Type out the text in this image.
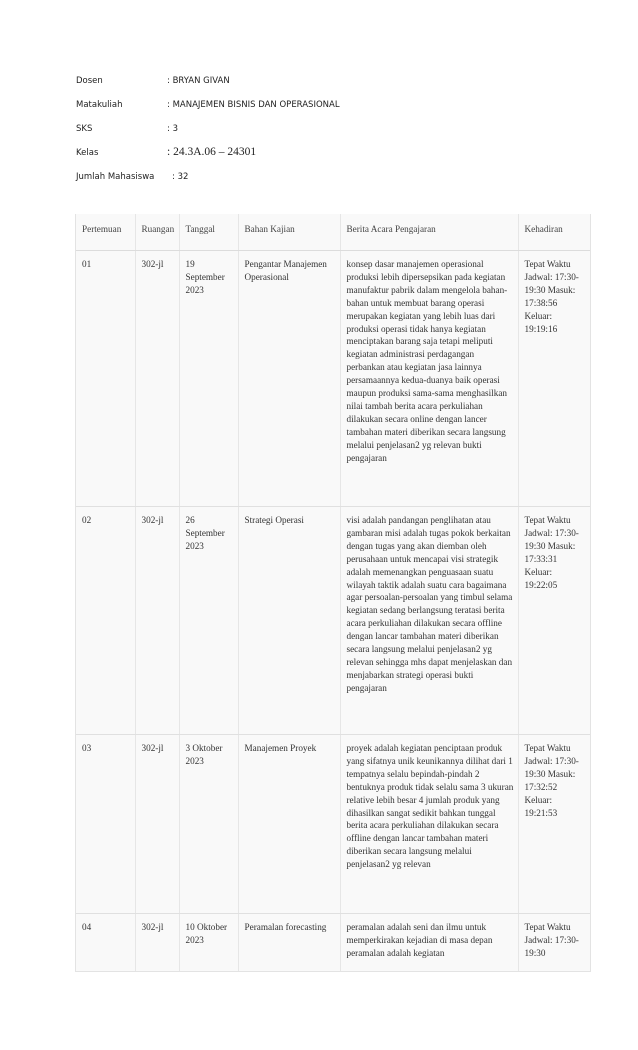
Dosen	: BRYAN GIVAN
Matakuliah	: MANAJEMEN BISNIS DAN OPERASIONAL
SKS	: 3
Kelas	: 24.3A.06 – 24301
Jumlah Mahasiswa : 32
Pertemuan	Ruangan	Tanggal	Bahan Kajian	Berita Acara Pengajaran	Kehadiran
01	302-jl	19 September 2023	Pengantar Manajemen Operasional	konsep dasar manajemen operasional produksi lebih dipersepsikan pada kegiatan manufaktur pabrik dalam mengelola bahan-bahan untuk membuat barang operasi merupakan kegiatan yang lebih luas dari produksi operasi tidak hanya kegiatan menciptakan barang saja tetapi meliputi kegiatan administrasi perdagangan perbankan atau kegiatan jasa lainnya persamaannya kedua-duanya baik operasi maupun produksi sama-sama menghasilkan nilai tambah berita acara perkuliahan dilakukan secara online dengan lancer tambahan materi diberikan secara langsung melalui penjelasan2 yg relevan bukti pengajaran	Tepat Waktu Jadwal: 17:30-19:30 Masuk: 17:38:56 Keluar: 19:19:16
02	302-jl	26 September 2023	Strategi Operasi	visi adalah pandangan penglihatan atau gambaran misi adalah tugas pokok berkaitan dengan tugas yang akan diemban oleh perusahaan untuk mencapai visi strategik adalah memenangkan penguasaan suatu wilayah taktik adalah suatu cara bagaimana agar persoalan-persoalan yang timbul selama kegiatan sedang berlangsung teratasi berita acara perkuliahan dilakukan secara offline dengan lancar tambahan materi diberikan secara langsung melalui penjelasan2 yg relevan sehingga mhs dapat menjelaskan dan menjabarkan strategi operasi bukti pengajaran	Tepat Waktu Jadwal: 17:30-19:30 Masuk: 17:33:31 Keluar: 19:22:05
03	302-jl	3 Oktober 2023	Manajemen Proyek	proyek adalah kegiatan penciptaan produk yang sifatnya unik keunikannya dilihat dari 1 tempatnya selalu bepindah-pindah 2 bentuknya produk tidak selalu sama 3 ukuran relative lebih besar 4 jumlah produk yang dihasilkan sangat sedikit bahkan tunggal berita acara perkuliahan dilakukan secara offline dengan lancar tambahan materi diberikan secara langsung melalui penjelasan2 yg relevan	Tepat Waktu Jadwal: 17:30-19:30 Masuk: 17:32:52 Keluar: 19:21:53
04	302-jl	10 Oktober 2023	Peramalan forecasting	peramalan adalah seni dan ilmu untuk memperkirakan kejadian di masa depan peramalan adalah kegiatan	Tepat Waktu Jadwal: 17:30-19:30
